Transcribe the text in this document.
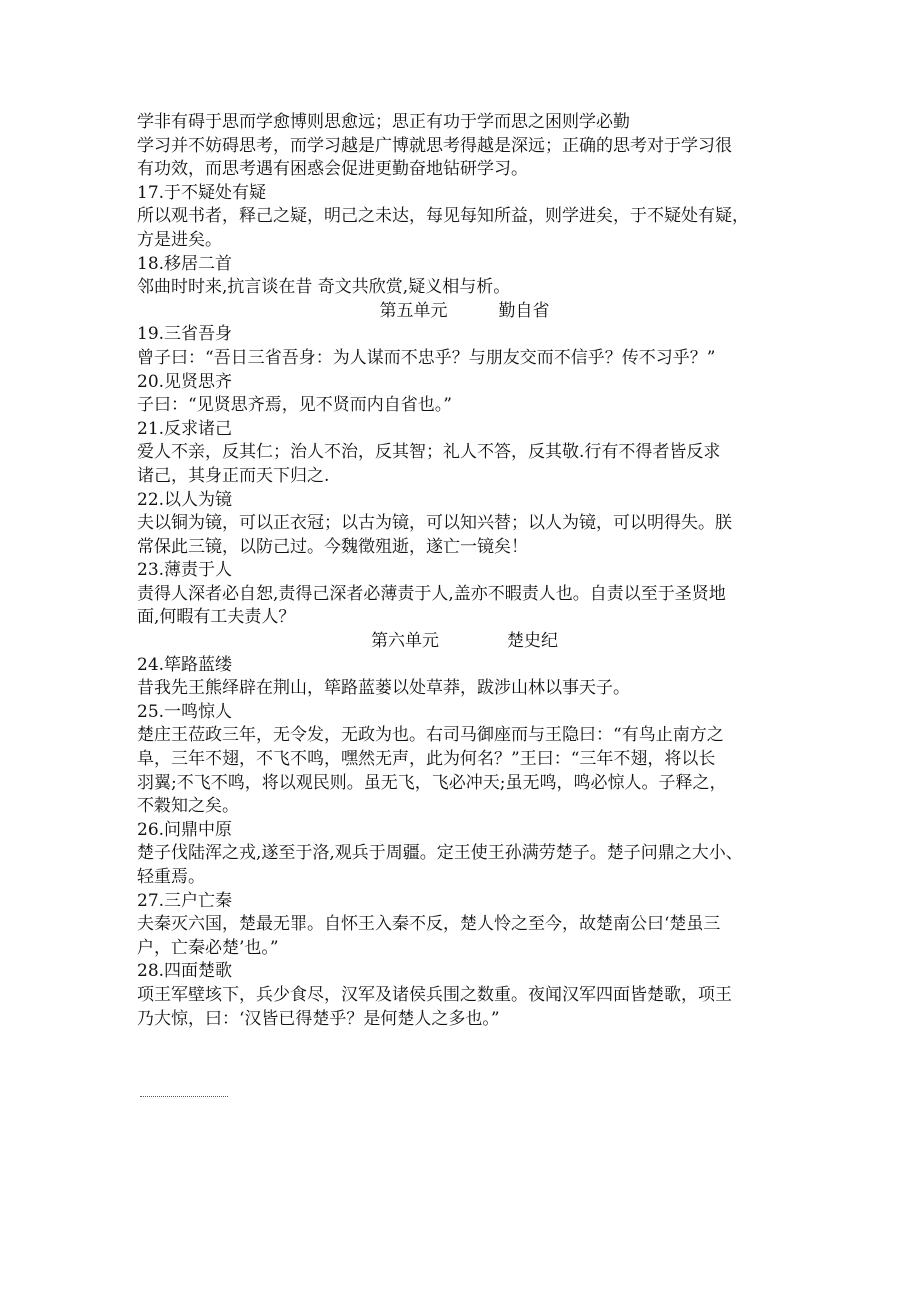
学非有碍于思而学愈博则思愈远；思正有功于学而思之困则学必勤
学习并不妨碍思考，而学习越是广博就思考得越是深远；正确的思考对于学习很
有功效，而思考遇有困惑会促进更勤奋地钻研学习。
17.于不疑处有疑
所以观书者，释己之疑，明己之未达，每见每知所益，则学进矣，于不疑处有疑，
方是进矣。
18.移居二首
邻曲时时来,抗言谈在昔 奇文共欣赏,疑义相与析。
第五单元　　　勤自省
19.三省吾身
曾子曰：“吾日三省吾身：为人谋而不忠乎？与朋友交而不信乎？传不习乎？”
20.见贤思齐
子曰：“见贤思齐焉，见不贤而内自省也。”
21.反求诸己
爱人不亲，反其仁；治人不治，反其智；礼人不答，反其敬.行有不得者皆反求
诸己，其身正而天下归之.
22.以人为镜
夫以铜为镜，可以正衣冠；以古为镜，可以知兴替；以人为镜，可以明得失。朕
常保此三镜，以防己过。今魏徵殂逝，遂亡一镜矣！
23.薄责于人
责得人深者必自恕,责得己深者必薄责于人,盖亦不暇责人也。自责以至于圣贤地
面,何暇有工夫责人？
第六单元　　　　楚史纪
24.筚路蓝缕
昔我先王熊绎辟在荆山，筚路蓝蒌以处草莽，跋涉山林以事天子。
25.一鸣惊人
楚庄王莅政三年，无令发，无政为也。右司马御座而与王隐曰：“有鸟止南方之
阜，三年不翅，不飞不鸣，嘿然无声，此为何名？”王曰：“三年不翅，将以长
羽翼;不飞不鸣，将以观民则。虽无飞，飞必冲天;虽无鸣，鸣必惊人。子释之，
不穀知之矣。
26.问鼎中原
楚子伐陆浑之戎,遂至于洛,观兵于周疆。定王使王孙满劳楚子。楚子问鼎之大小、
轻重焉。
27.三户亡秦
夫秦灭六国，楚最无罪。自怀王入秦不反，楚人怜之至今，故楚南公曰‘楚虽三
户，亡秦必楚’也。”
28.四面楚歌
项王军壁垓下，兵少食尽，汉军及诸侯兵围之数重。夜闻汉军四面皆楚歌，项王
乃大惊，曰：‘汉皆已得楚乎？是何楚人之多也。”
